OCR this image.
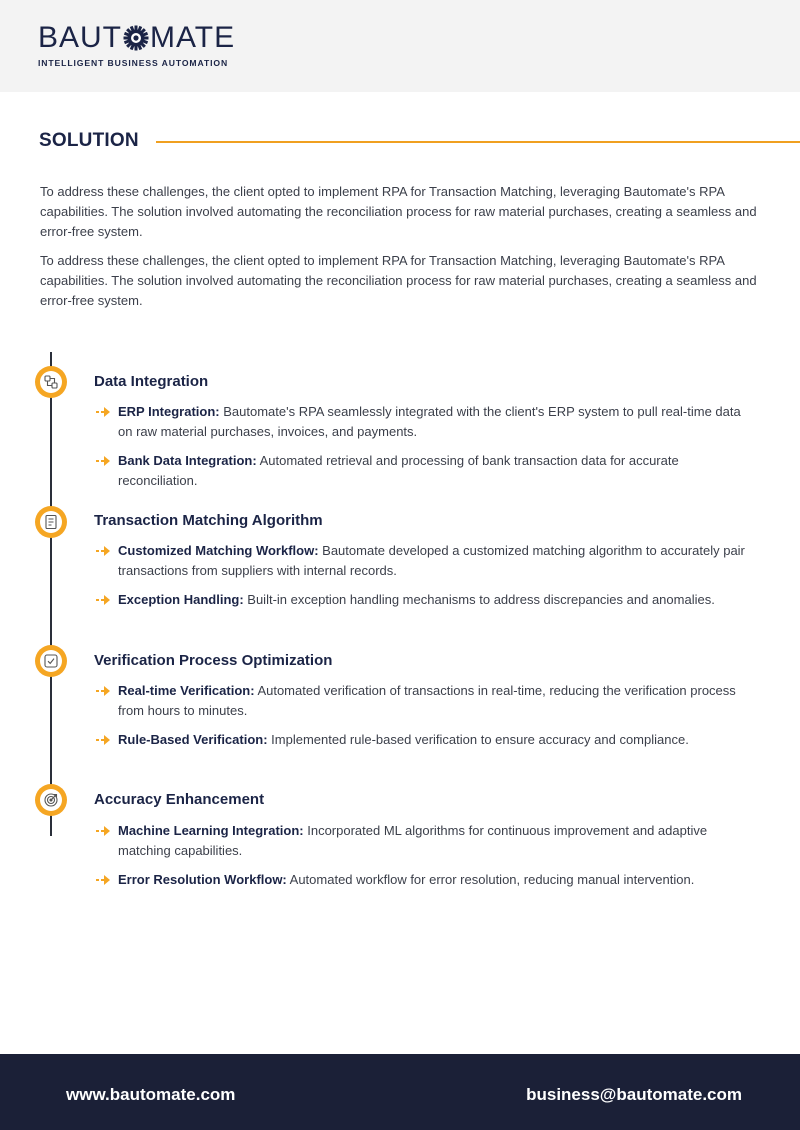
BAUT MATE
INTELLIGENT BUSINESS AUTOMATION
SOLUTION

To address these challenges, the client opted to implement RPA for Transaction Matching, leveraging Bautomate's RPA capabilities. The solution involved automating the reconciliation process for raw material purchases, creating a seamless and error-free system.

To address these challenges, the client opted to implement RPA for Transaction Matching, leveraging Bautomate's RPA capabilities. The solution involved automating the reconciliation process for raw material purchases, creating a seamless and error-free system.

Data Integration
ERP Integration: Bautomate's RPA seamlessly integrated with the client's ERP system to pull real-time data on raw material purchases, invoices, and payments.
Bank Data Integration: Automated retrieval and processing of bank transaction data for accurate reconciliation.
Transaction Matching Algorithm
Customized Matching Workflow: Bautomate developed a customized matching algorithm to accurately pair transactions from suppliers with internal records.
Exception Handling: Built-in exception handling mechanisms to address discrepancies and anomalies.
Verification Process Optimization
Real-time Verification: Automated verification of transactions in real-time, reducing the verification process from hours to minutes.
Rule-Based Verification: Implemented rule-based verification to ensure accuracy and compliance.
Accuracy Enhancement
Machine Learning Integration: Incorporated ML algorithms for continuous improvement and adaptive matching capabilities.
Error Resolution Workflow: Automated workflow for error resolution, reducing manual intervention.
www.bautomate.com	business@bautomate.com
